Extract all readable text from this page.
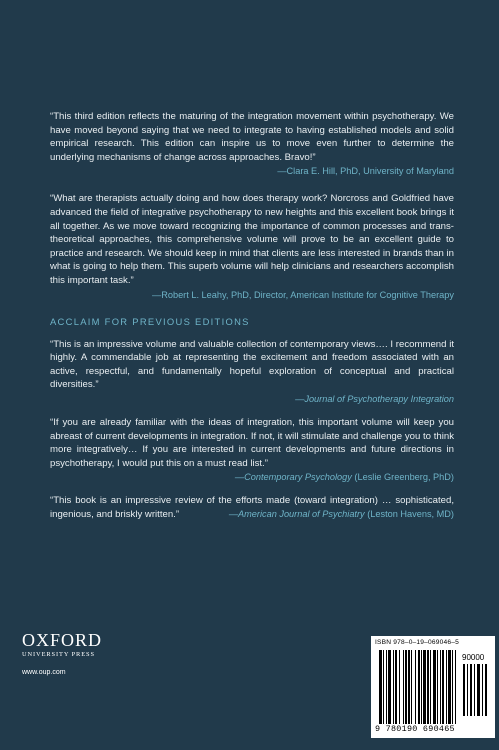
“This third edition reflects the maturing of the integration movement within psychotherapy. We have moved beyond saying that we need to integrate to having established models and solid empirical research. This edition can inspire us to move even further to determine the underlying mechanisms of change across approaches. Bravo!”

—Clara E. Hill, PhD, University of Maryland

“What are therapists actually doing and how does therapy work? Norcross and Goldfried have advanced the field of integrative psychotherapy to new heights and this excellent book brings it all together. As we move toward recognizing the importance of common processes and trans-theoretical approaches, this comprehensive volume will prove to be an excellent guide to practice and research. We should keep in mind that clients are less interested in brands than in what is going to help them. This superb volume will help clinicians and researchers accomplish this important task.”

—Robert L. Leahy, PhD, Director, American Institute for Cognitive Therapy

ACCLAIM FOR PREVIOUS EDITIONS

“This is an impressive volume and valuable collection of contemporary views…. I recommend it highly. A commendable job at representing the excitement and freedom associated with an active, respectful, and fundamentally hopeful exploration of conceptual and practical diversities.”

—Journal of Psychotherapy Integration

“If you are already familiar with the ideas of integration, this important volume will keep you abreast of current developments in integration. If not, it will stimulate and challenge you to think more integratively… If you are interested in current developments and future directions in psychotherapy, I would put this on a must read list.”

—Contemporary Psychology (Leslie Greenberg, PhD)

“This book is an impressive review of the efforts made (toward integration) … sophisticated, ingenious, and briskly written.”	—American Journal of Psychiatry (Leston Havens, MD)

OXFORD
UNIVERSITY PRESS
www.oup.com
ISBN 978–0–19–069046–5
90000
9 780190 690465
